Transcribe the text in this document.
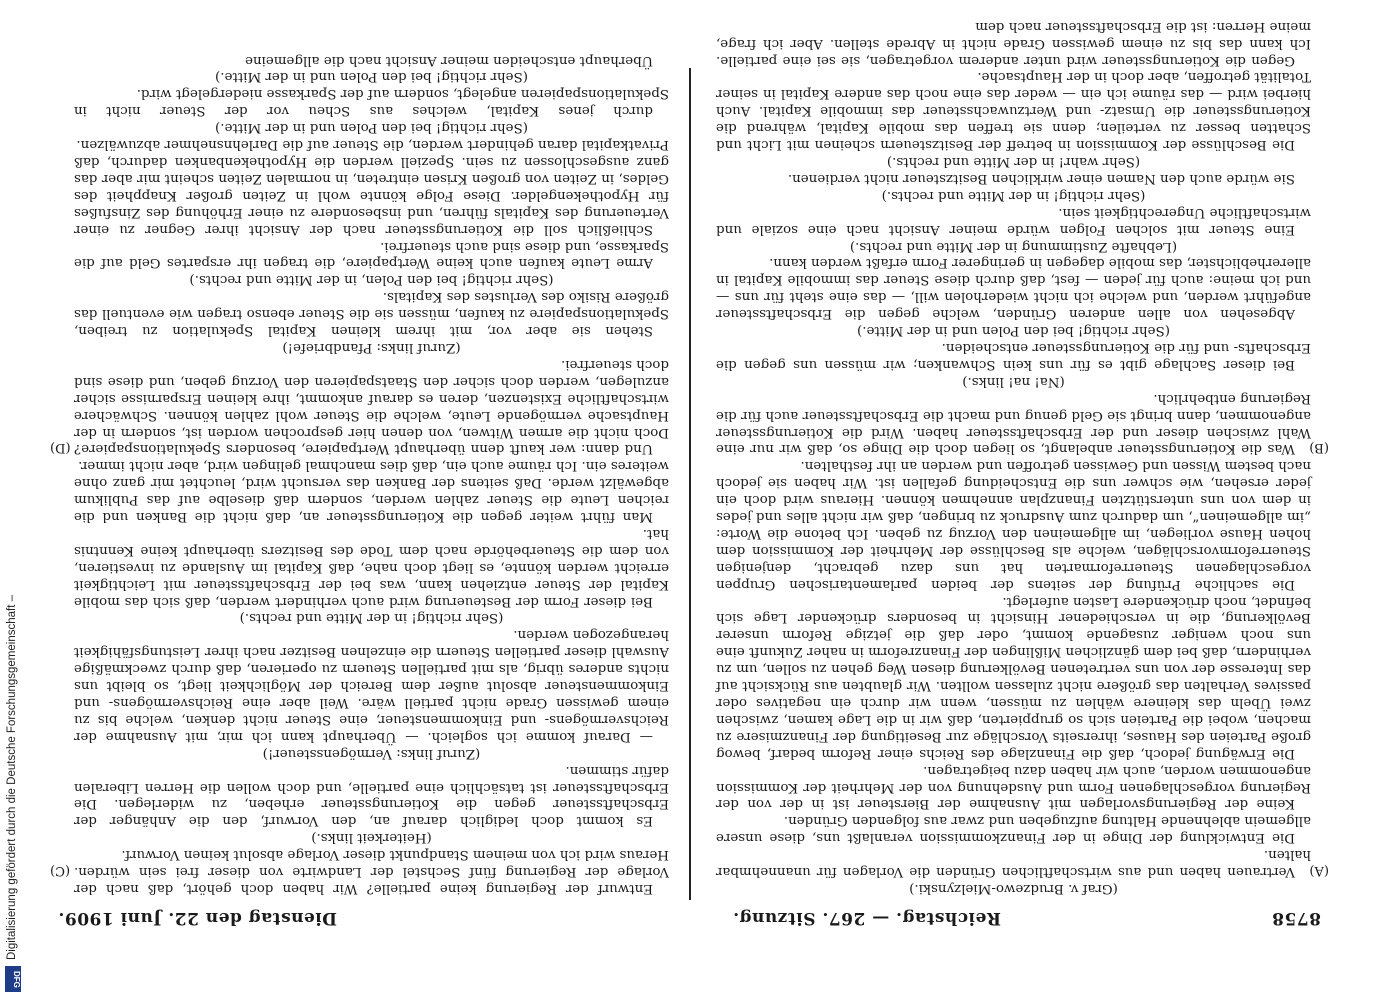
8758
Reichstag. — 267. Sitzung.
Dienstag den 22. Juni 1909.
(A)
(B)
(C)
(D)

(Graf v. Brudzewo-Mielzynski.)

Vertrauen haben und aus wirtschaftlichen Gründen die Vorlagen für unannehmbar halten.

Die Entwicklung der Dinge in der Finanzkommission veranlaßt uns, diese unsere allgemein ablehnende Haltung aufzugeben und zwar aus folgenden Gründen.

Keine der Regierungsvorlagen mit Ausnahme der Biersteuer ist in der von der Regierung vorgeschlagenen Form und Ausdehnung von der Mehrheit der Kommission angenommen worden, auch wir haben dazu beigetragen.

Die Erwägung jedoch, daß die Finanzlage des Reichs einer Reform bedarf, bewog große Parteien des Hauses, ihrerseits Vorschläge zur Beseitigung der Finanzmisere zu machen, wobei die Parteien sich so gruppierten, daß wir in die Lage kamen, zwischen zwei Übeln das kleinere wählen zu müssen, wenn wir durch ein negatives oder passives Verhalten das größere nicht zulassen wollten. Wir glaubten aus Rücksicht auf das Interesse der von uns vertretenen Bevölkerung diesen Weg gehen zu sollen, um zu verhindern, daß bei dem gänzlichen Mißlingen der Finanzreform in naher Zukunft eine uns noch weniger zusagende kommt, oder daß die jetzige Reform unserer Bevölkerung, die in verschiedener Hinsicht in besonders drückender Lage sich befindet, noch drückendere Lasten auferlegt.

Die sachliche Prüfung der seitens der beiden parlamentarischen Gruppen vorgeschlagenen Steuerreformarten hat uns dazu gebracht, denjenigen Steuerreformvorschlägen, welche als Beschlüsse der Mehrheit der Kommission dem hohen Hause vorliegen, im allgemeinen den Vorzug zu geben. Ich betone die Worte: „im allgemeinen“, um dadurch zum Ausdruck zu bringen, daß wir nicht alles und jedes in dem von uns unterstützten Finanzplan annehmen können. Hieraus wird doch ein jeder ersehen, wie schwer uns die Entscheidung gefallen ist. Wir haben sie jedoch nach bestem Wissen und Gewissen getroffen und werden an ihr festhalten.

Was die Kotierungssteuer anbelangt, so liegen doch die Dinge so, daß wir nur eine Wahl zwischen dieser und der Erbschaftssteuer haben. Wird die Kotierungssteuer angenommen, dann bringt sie Geld genug und macht die Erbschaftssteuer auch für die Regierung entbehrlich.

(Na! na! links.)

Bei dieser Sachlage gibt es für uns kein Schwanken; wir müssen uns gegen die Erbschafts- und für die Kotierungssteuer entscheiden.

(Sehr richtig! bei den Polen und in der Mitte.)

Abgesehen von allen anderen Gründen, welche gegen die Erbschaftssteuer angeführt werden, und welche ich nicht wiederholen will, — das eine steht für uns — und ich meine: auch für jeden — fest, daß durch diese Steuer das immobile Kapital in allererheblichster, das mobile dagegen in geringerer Form erfaßt werden kann.

(Lebhafte Zustimmung in der Mitte und rechts.)

Eine Steuer mit solchen Folgen würde meiner Ansicht nach eine soziale und wirtschaftliche Ungerechtigkeit sein.

(Sehr richtig! in der Mitte und rechts.)

Sie würde auch den Namen einer wirklichen Besitzsteuer nicht verdienen.

(Sehr wahr! in der Mitte und rechts.)

Die Beschlüsse der Kommission in betreff der Besitzsteuern scheinen mit Licht und Schatten besser zu verteilen; denn sie treffen das mobile Kapital, während die Kotierungssteuer die Umsatz- und Wertzuwachssteuer das immobile Kapital. Auch hierbei wird — das räume ich ein — weder das eine noch das andere Kapital in seiner Totalität getroffen, aber doch in der Hauptsache.

Gegen die Kotierungssteuer wird unter anderem vorgetragen, sie sei eine partielle. Ich kann das bis zu einem gewissen Grade nicht in Abrede stellen. Aber ich frage, meine Herren: ist die Erbschaftssteuer nach dem

Entwurf der Regierung keine partielle? Wir haben doch gehört, daß nach der Vorlage der Regierung fünf Sechstel der Landwirte von dieser frei sein würden. Heraus wird ich von meinem Standpunkt dieser Vorlage absolut keinen Vorwurf.

(Heiterkeit links.)

Es kommt doch lediglich darauf an, den Vorwurf, den die Anhänger der Erbschaftssteuer gegen die Kotierungssteuer erheben, zu widerlegen. Die Erbschaftssteuer ist tatsächlich eine partielle, und doch wollen die Herren Liberalen dafür stimmen.

(Zuruf links: Vermögenssteuer!)

— Darauf komme ich sogleich. — Überhaupt kann ich mir, mit Ausnahme der Reichsvermögens- und Einkommensteuer, eine Steuer nicht denken, welche bis zu einem gewissen Grade nicht partiell wäre. Weil aber eine Reichsvermögens- und Einkommensteuer absolut außer dem Bereich der Möglichkeit liegt, so bleibt uns nichts anderes übrig, als mit partiellen Steuern zu operieren, daß durch zweckmäßige Auswahl dieser partiellen Steuern die einzelnen Besitzer nach ihrer Leistungsfähigkeit herangezogen werden.

(Sehr richtig! in der Mitte und rechts.)

Bei dieser Form der Besteuerung wird auch verhindert werden, daß sich das mobile Kapital der Steuer entziehen kann, was bei der Erbschaftssteuer mit Leichtigkeit erreicht werden könnte, es liegt doch nahe, daß Kapital im Auslande zu investieren, von dem die Steuerbehörde nach dem Tode des Besitzers überhaupt keine Kenntnis hat.

Man führt weiter gegen die Kotierungssteuer an, daß nicht die Banken und die reichen Leute die Steuer zahlen werden, sondern daß dieselbe auf das Publikum abgewälzt werde. Daß seitens der Banken das versucht wird, leuchtet mir ganz ohne weiteres ein. Ich räume auch ein, daß dies manchmal gelingen wird, aber nicht immer.

Und dann: wer kauft denn überhaupt Wertpapiere, besonders Spekulationspapiere? Doch nicht die armen Witwen, von denen hier gesprochen worden ist, sondern in der Hauptsache vermögende Leute, welche die Steuer wohl zahlen können. Schwächere wirtschaftliche Existenzen, deren es darauf ankommt, ihre kleinen Ersparnisse sicher anzulegen, werden doch sicher den Staatspapieren den Vorzug geben, und diese sind doch steuerfrei.

(Zuruf links: Pfandbriefe!)

Stehen sie aber vor, mit ihrem kleinen Kapital Spekulation zu treiben, Spekulationspapiere zu kaufen, müssen sie die Steuer ebenso tragen wie eventuell das größere Risiko des Verlustes des Kapitals.

(Sehr richtig! bei den Polen, in der Mitte und rechts.)

Arme Leute kaufen auch keine Wertpapiere, die tragen ihr erspartes Geld auf die Sparkasse, und diese sind auch steuerfrei.

Schließlich soll die Kotierungssteuer nach der Ansicht ihrer Gegner zu einer Verteuerung des Kapitals führen, und insbesondere zu einer Erhöhung des Zinsfußes für Hypothekengelder. Diese Folge könnte wohl in Zeiten großer Knappheit des Geldes, in Zeiten von großen Krisen eintreten, in normalen Zeiten scheint mir aber das ganz ausgeschlossen zu sein. Speziell werden die Hypothekenbanken dadurch, daß Privatkapital daran gehindert werden, die Steuer auf die Darlehnsnehmer abzuwälzen.

(Sehr richtig! bei den Polen und in der Mitte.)

durch jenes Kapital, welches aus Scheu vor der Steuer nicht in Spekulationspapieren angelegt, sondern auf der Sparkasse niedergelegt wird.

(Sehr richtig! bei den Polen und in der Mitte.)

Überhaupt entscheiden meiner Ansicht nach die allgemeine

Digitalisierung gefördert durch die Deutsche Forschungsgemeinschaft –
DFG
